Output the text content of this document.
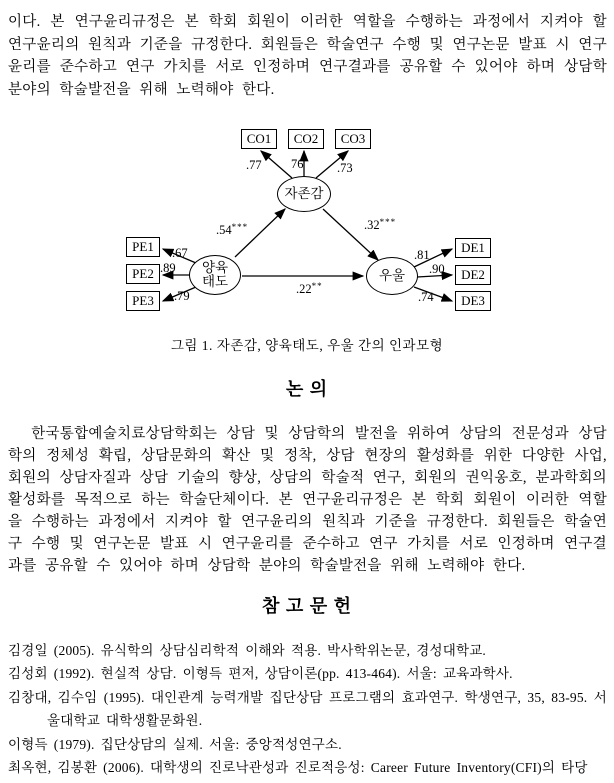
이다. 본 연구윤리규정은 본 학회 회원이 이러한 역할을 수행하는 과정에서 지켜야 할 연구윤리의 원칙과 기준을 규정한다. 회원들은 학술연구 수행 및 연구논문 발표 시 연구윤리를 준수하고 연구 가치를 서로 인정하며 연구결과를 공유할 수 있어야 하며 상담학 분야의 학술발전을 위해 노력해야 한다.
CO1	CO2	CO3
PE1
PE2
PE3
DE1
DE2
DE3
자존감
양육
태도	우울
.77 76	.73
.67
.89
.79
.81
.90
.74
.54***	.32***
.22**
그림 1. 자존감, 양육태도, 우울 간의 인과모형
논 의
한국통합예술치료상담학회는 상담 및 상담학의 발전을 위하여 상담의 전문성과 상담학의 정체성 확립, 상담문화의 확산 및 정착, 상담 현장의 활성화를 위한 다양한 사업, 회원의 상담자질과 상담 기술의 향상, 상담의 학술적 연구, 회원의 권익옹호, 분과학회의 활성화를 목적으로 하는 학술단체이다. 본 연구윤리규정은 본 학회 회원이 이러한 역할을 수행하는 과정에서 지켜야 할 연구윤리의 원칙과 기준을 규정한다. 회원들은 학술연구 수행 및 연구논문 발표 시 연구윤리를 준수하고 연구 가치를 서로 인정하며 연구결과를 공유할 수 있어야 하며 상담학 분야의 학술발전을 위해 노력해야 한다.
참 고 문 헌
김경일 (2005). 유식학의 상담심리학적 이해와 적용. 박사학위논문, 경성대학교.
김성회 (1992). 현실적 상담. 이형득 편저, 상담이론(pp. 413-464). 서울: 교육과학사.
김창대, 김수임 (1995). 대인관계 능력개발 집단상담 프로그램의 효과연구. 학생연구, 35, 83-95. 서울대학교 대학생활문화원.
이형득 (1979). 집단상담의 실제. 서울: 중앙적성연구소.
최옥현, 김봉환 (2006). 대학생의 진로낙관성과 진로적응성: Career Future Inventory(CFI)의 타당
